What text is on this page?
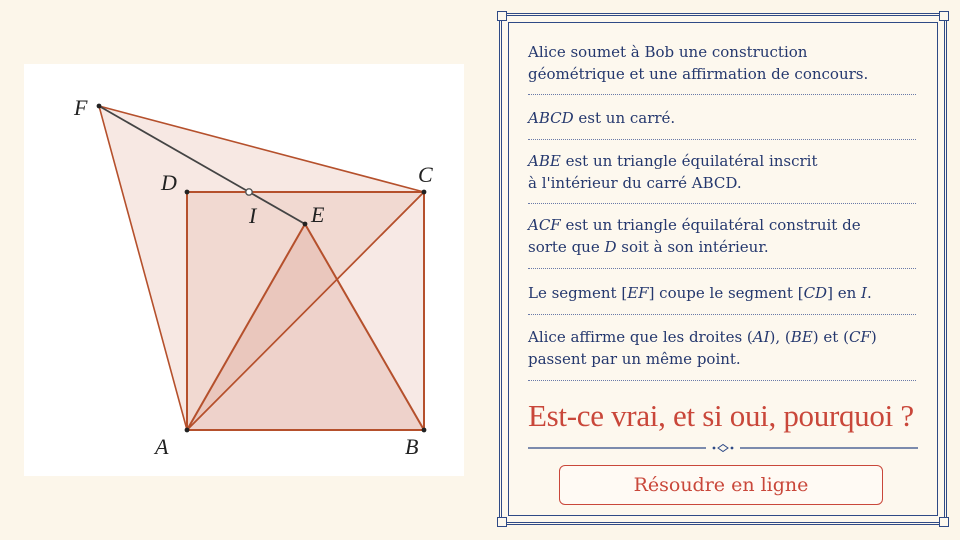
A	B
C
D
E
F
I
Alice soumet à Bob une construction
géométrique et une affirmation de concours.
ABCD est un carré.
ABE est un triangle équilatéral inscrit
à l'intérieur du carré ABCD.
ACF est un triangle équilatéral construit de
sorte que D soit à son intérieur.
Le segment [EF] coupe le segment [CD] en I.
Alice affirme que les droites (AI), (BE) et (CF)
passent par un même point.
Est-ce vrai, et si oui, pourquoi ?
Résoudre en ligne
